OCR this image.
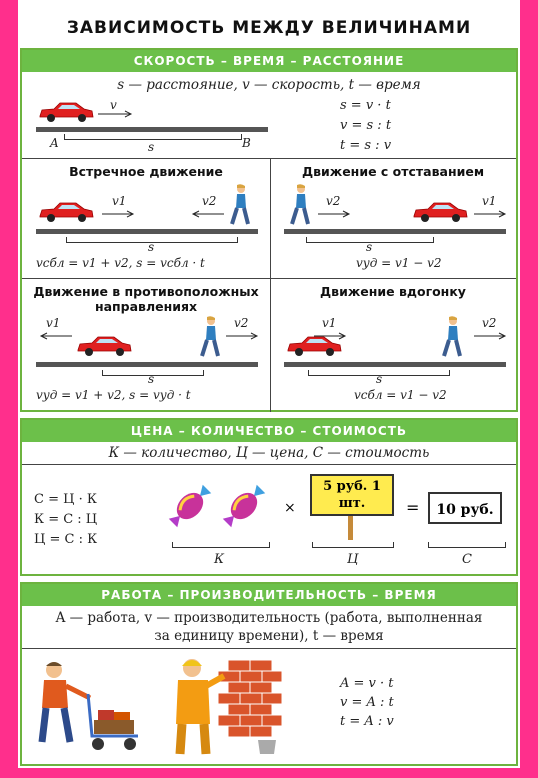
ЗАВИСИМОСТЬ МЕЖДУ ВЕЛИЧИНАМИ
СКОРОСТЬ – ВРЕМЯ – РАССТОЯНИЕ
s — расстояние, v — скорость, t — время
v
A	B
s
s = v · t
v = s : t
t = s : v
Встречное движение
v1	v2
s
vсбл = v1 + v2, s = vсбл · t
Движение с отставанием
v2	v1
s
vуд = v1 − v2
Движение в противоположных направлениях
v1	v2
s
vуд = v1 + v2, s = vуд · t
Движение вдогонку
v1	v2
s
vсбл = v1 − v2
ЦЕНА – КОЛИЧЕСТВО – СТОИМОСТЬ
К — количество, Ц — цена, С — стоимость
С = Ц · К
К = С : Ц
Ц = С : К
К
×
5 руб. 1 шт.
Ц
=	10 руб.
С
РАБОТА – ПРОИЗВОДИТЕЛЬНОСТЬ – ВРЕМЯ
A — работа, v — производительность (работа, выполненная
за единицу времени), t — время
A = v · t
v = A : t
t = A : v
